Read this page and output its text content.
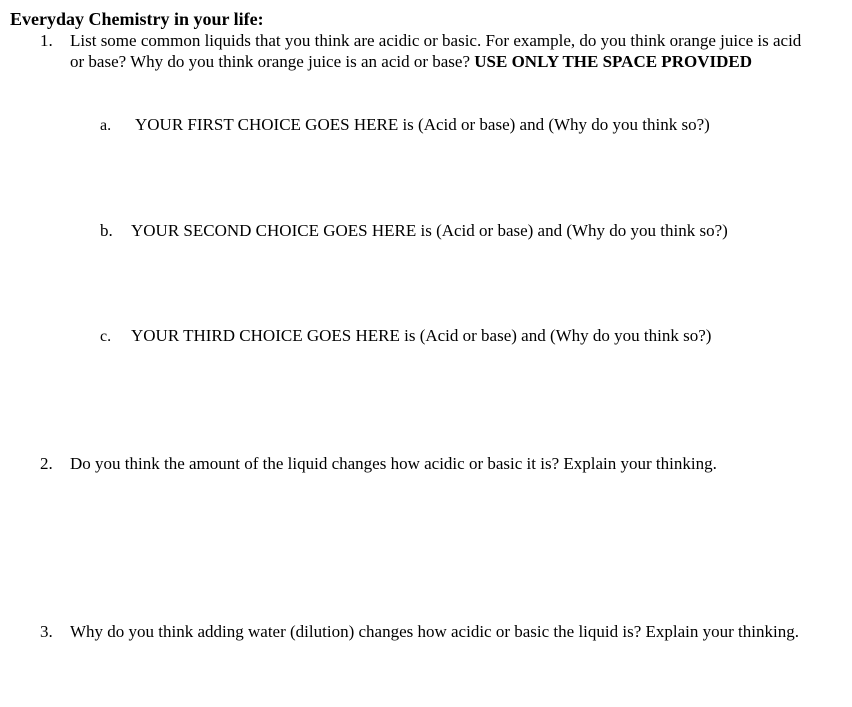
Everyday Chemistry in your life:
1.	List some common liquids that you think are acidic or basic. For example, do you think orange juice is acid or base? Why do you think orange juice is an acid or base? USE ONLY THE SPACE PROVIDED
a.	YOUR FIRST CHOICE GOES HERE is (Acid or base) and (Why do you think so?)
b.	YOUR SECOND CHOICE GOES HERE is (Acid or base) and (Why do you think so?)
c.	YOUR THIRD CHOICE GOES HERE is (Acid or base) and (Why do you think so?)
2.	Do you think the amount of the liquid changes how acidic or basic it is? Explain your thinking.
3.	Why do you think adding water (dilution) changes how acidic or basic the liquid is? Explain your thinking.
